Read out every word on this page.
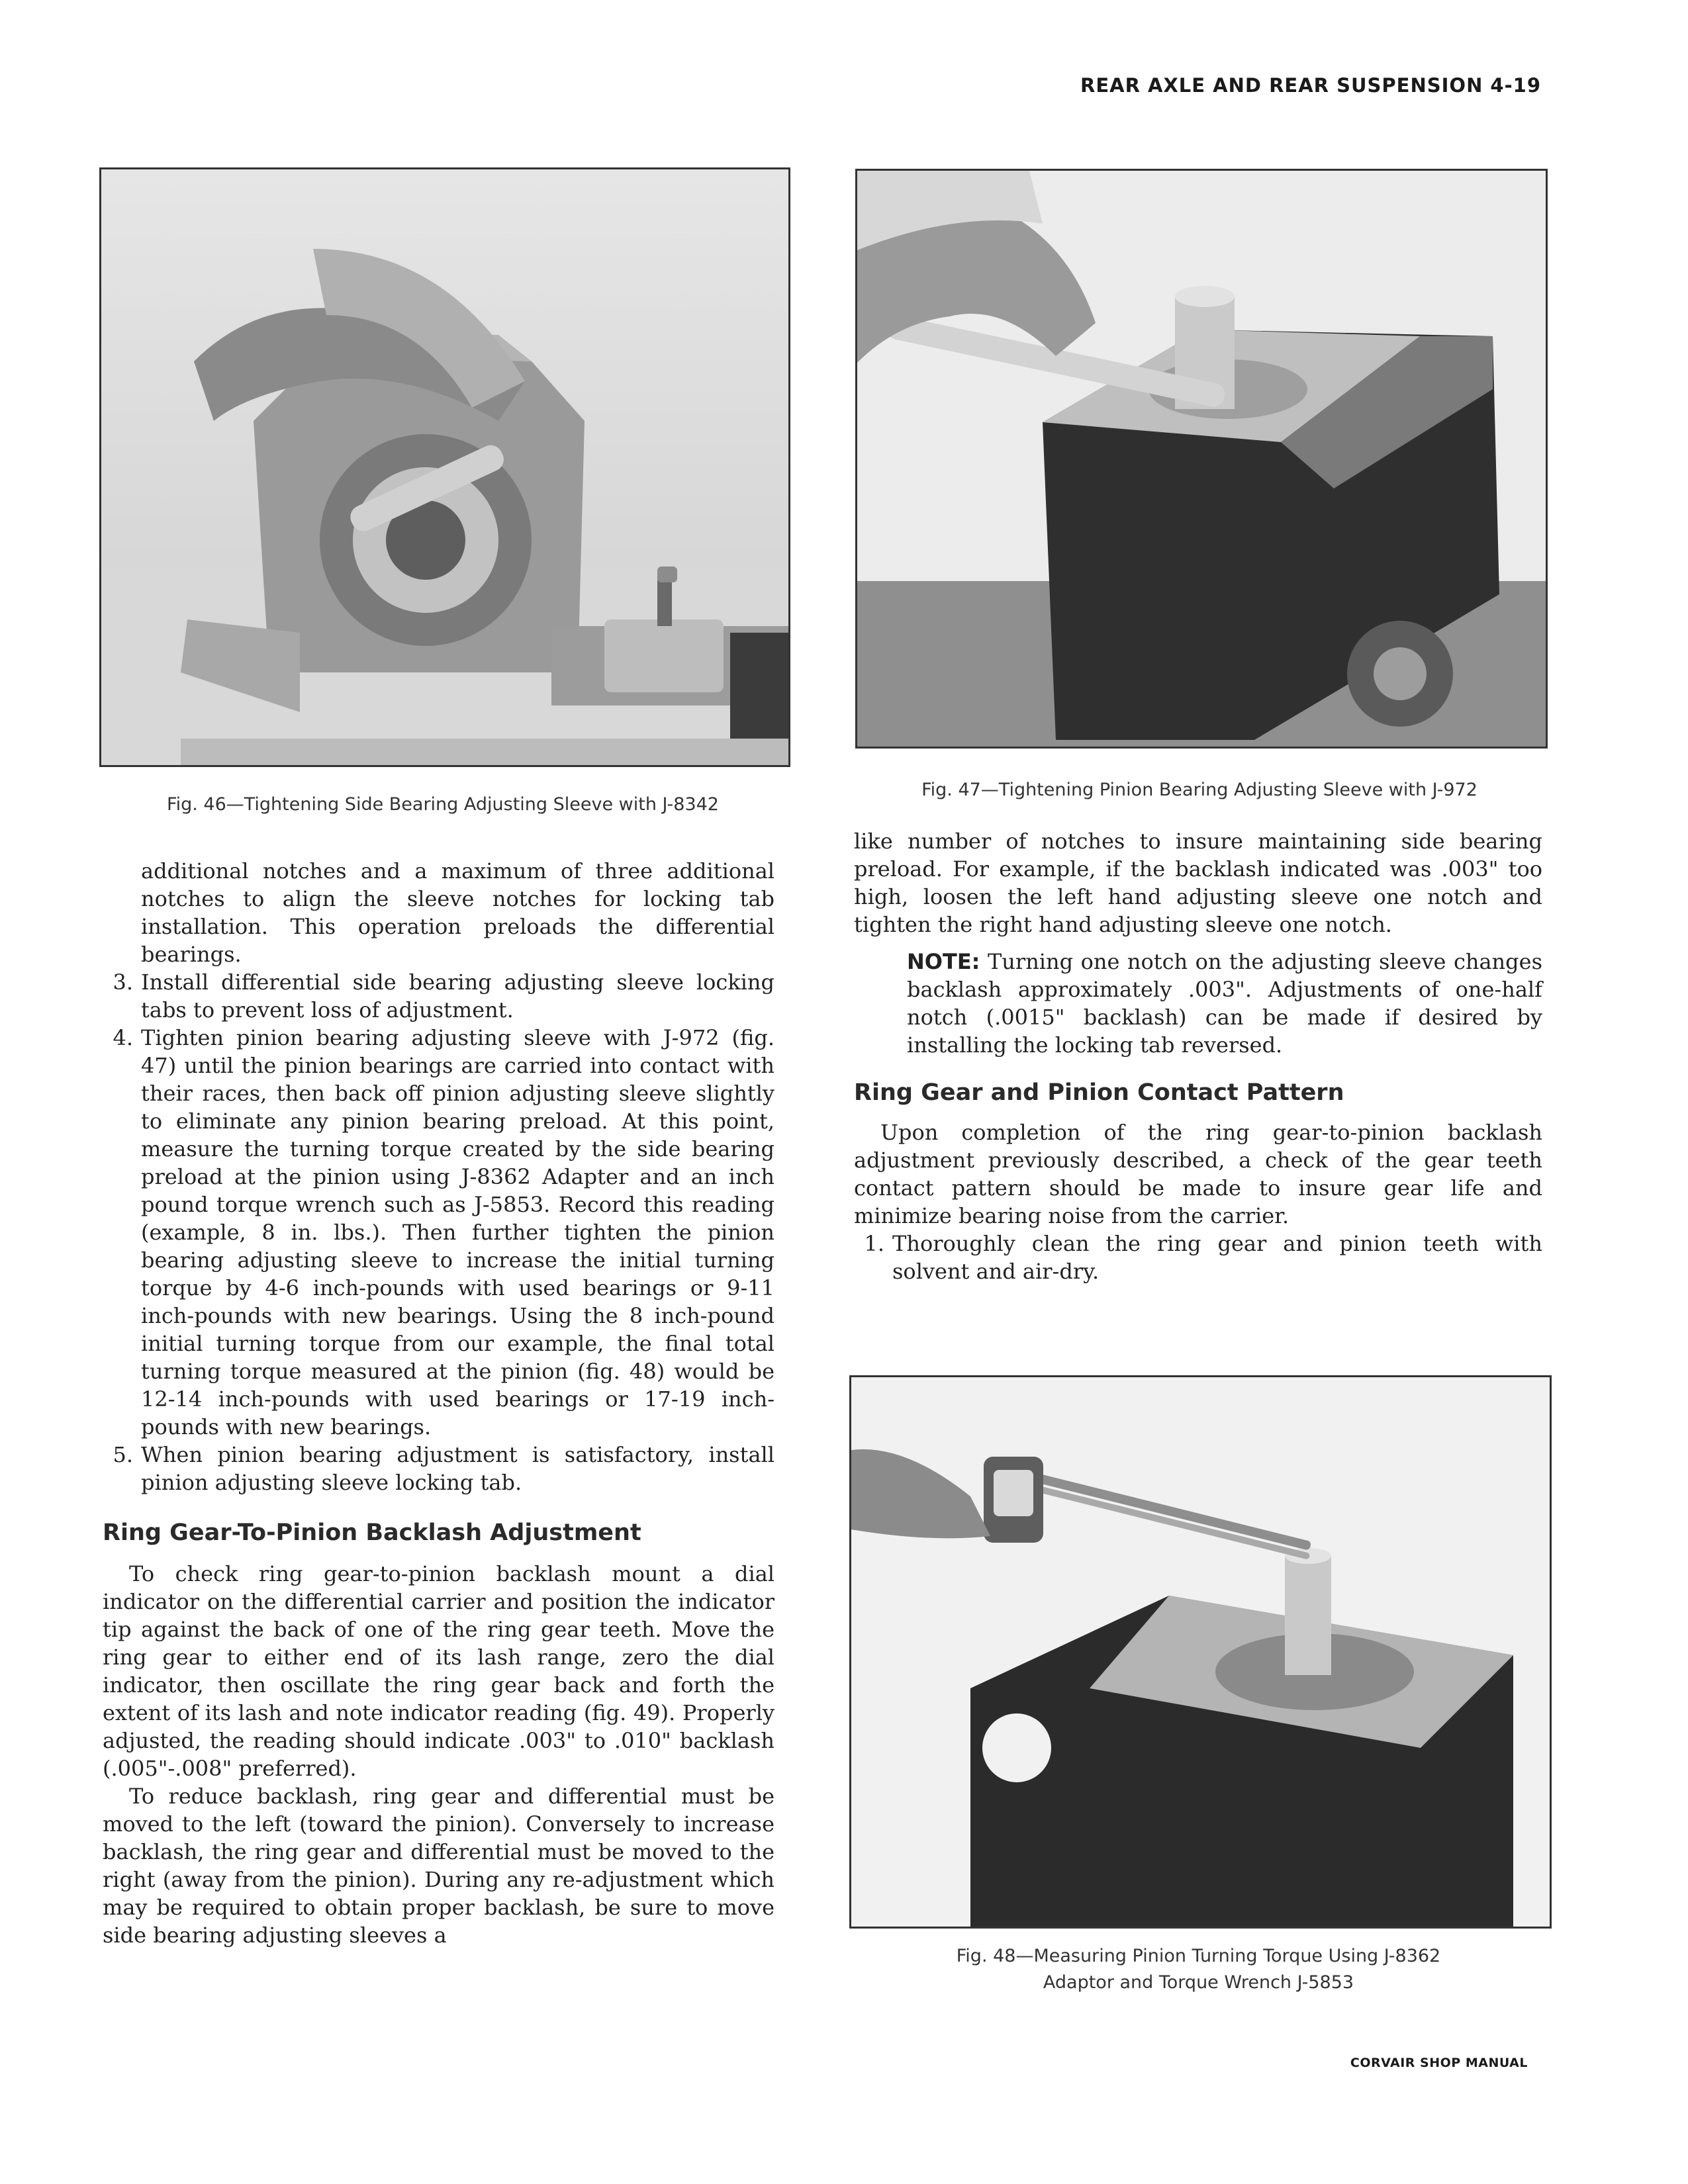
REAR AXLE AND REAR SUSPENSION 4-19
Fig. 46—Tightening Side Bearing Adjusting Sleeve with J-8342
Fig. 47—Tightening Pinion Bearing Adjusting Sleeve with J-972
Fig. 48—Measuring Pinion Turning Torque Using J-8362
Adaptor and Torque Wrench J-5853

additional notches and a maximum of three additional notches to align the sleeve notches for locking tab installation. This operation preloads the differential bearings.

3. Install differential side bearing adjusting sleeve locking tabs to prevent loss of adjustment.
4. Tighten pinion bearing adjusting sleeve with J-972 (fig. 47) until the pinion bearings are carried into contact with their races, then back off pinion adjusting sleeve slightly to eliminate any pinion bearing preload. At this point, measure the turning torque created by the side bearing preload at the pinion using J-8362 Adapter and an inch pound torque wrench such as J-5853. Record this reading (example, 8 in. lbs.). Then further tighten the pinion bearing adjusting sleeve to increase the initial turning torque by 4-6 inch-pounds with used bearings or 9-11 inch-pounds with new bearings. Using the 8 inch-pound initial turning torque from our example, the final total turning torque measured at the pinion (fig. 48) would be 12-14 inch-pounds with used bearings or 17-19 inch-pounds with new bearings.
5. When pinion bearing adjustment is satisfactory, install pinion adjusting sleeve locking tab.
Ring Gear-To-Pinion Backlash Adjustment

To check ring gear-to-pinion backlash mount a dial indicator on the differential carrier and position the indicator tip against the back of one of the ring gear teeth. Move the ring gear to either end of its lash range, zero the dial indicator, then oscillate the ring gear back and forth the extent of its lash and note indicator reading (fig. 49). Properly adjusted, the reading should indicate .003" to .010" backlash (.005"-.008" preferred).

To reduce backlash, ring gear and differential must be moved to the left (toward the pinion). Conversely to increase backlash, the ring gear and differential must be moved to the right (away from the pinion). During any re-adjustment which may be required to obtain proper backlash, be sure to move side bearing adjusting sleeves a

like number of notches to insure maintaining side bearing preload. For example, if the backlash indicated was .003" too high, loosen the left hand adjusting sleeve one notch and tighten the right hand adjusting sleeve one notch.

NOTE: Turning one notch on the adjusting sleeve changes backlash approximately .003". Adjustments of one-half notch (.0015" backlash) can be made if desired by installing the locking tab reversed.

Ring Gear and Pinion Contact Pattern

Upon completion of the ring gear-to-pinion backlash adjustment previously described, a check of the gear teeth contact pattern should be made to insure gear life and minimize bearing noise from the carrier.

1. Thoroughly clean the ring gear and pinion teeth with solvent and air-dry.
CORVAIR SHOP MANUAL
